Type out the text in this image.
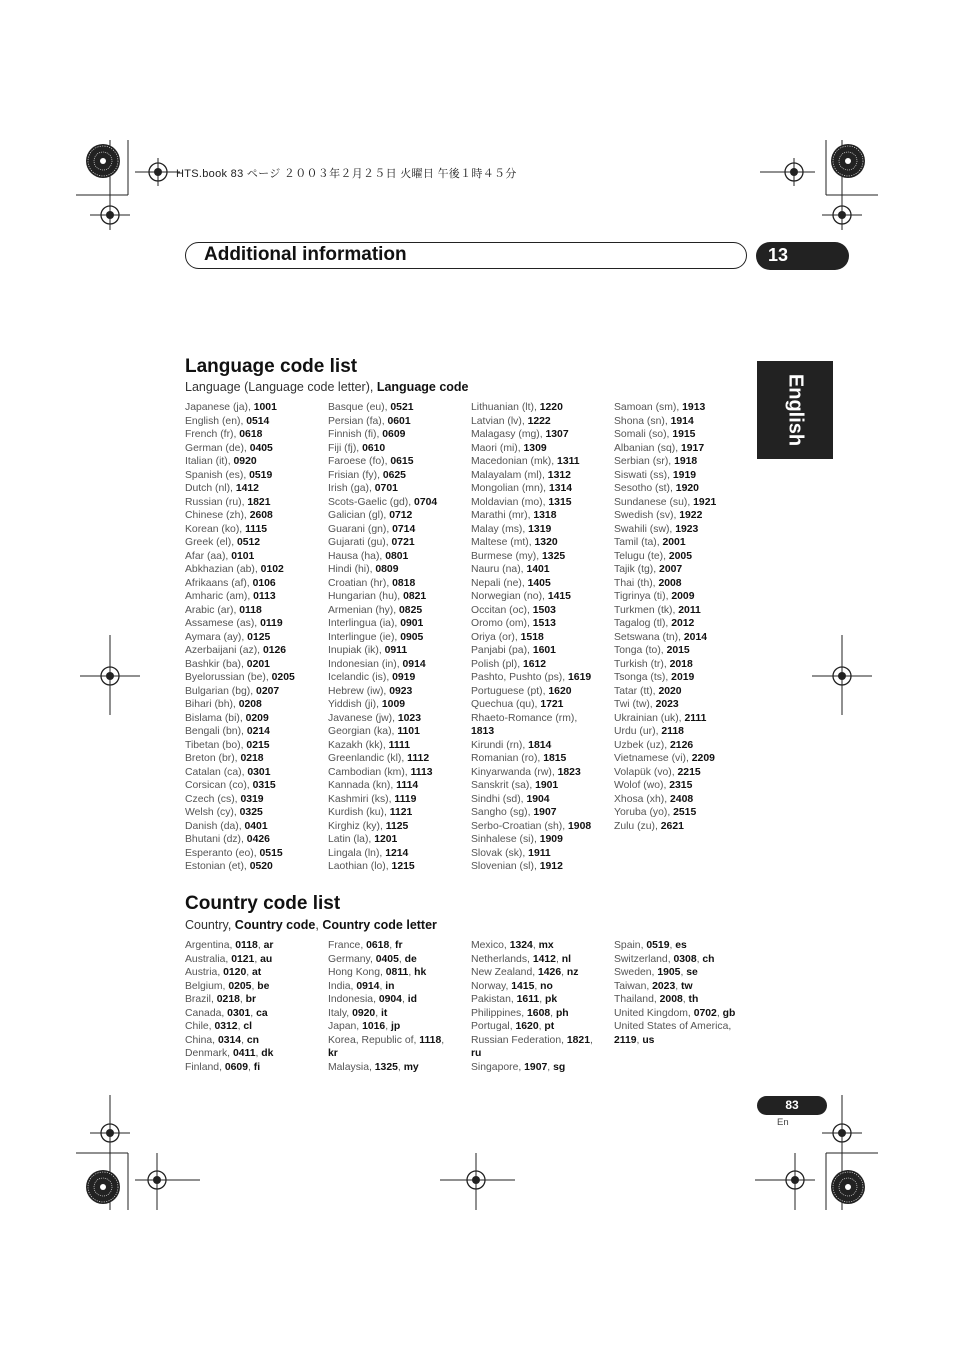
HTS.book 83 ページ ２００３年２月２５日 火曜日 午後１時４５分
Additional information	13
English
Language code list
Language (Language code letter), Language code
Japanese (ja), 1001
English (en), 0514
French (fr), 0618
German (de), 0405
Italian (it), 0920
Spanish (es), 0519
Dutch (nl), 1412
Russian (ru), 1821
Chinese (zh), 2608
Korean (ko), 1115
Greek (el), 0512
Afar (aa), 0101
Abkhazian (ab), 0102
Afrikaans (af), 0106
Amharic (am), 0113
Arabic (ar), 0118
Assamese (as), 0119
Aymara (ay), 0125
Azerbaijani (az), 0126
Bashkir (ba), 0201
Byelorussian (be), 0205
Bulgarian (bg), 0207
Bihari (bh), 0208
Bislama (bi), 0209
Bengali (bn), 0214
Tibetan (bo), 0215
Breton (br), 0218
Catalan (ca), 0301
Corsican (co), 0315
Czech (cs), 0319
Welsh (cy), 0325
Danish (da), 0401
Bhutani (dz), 0426
Esperanto (eo), 0515
Estonian (et), 0520
Basque (eu), 0521
Persian (fa), 0601
Finnish (fi), 0609
Fiji (fj), 0610
Faroese (fo), 0615
Frisian (fy), 0625
Irish (ga), 0701
Scots-Gaelic (gd), 0704
Galician (gl), 0712
Guarani (gn), 0714
Gujarati (gu), 0721
Hausa (ha), 0801
Hindi (hi), 0809
Croatian (hr), 0818
Hungarian (hu), 0821
Armenian (hy), 0825
Interlingua (ia), 0901
Interlingue (ie), 0905
Inupiak (ik), 0911
Indonesian (in), 0914
Icelandic (is), 0919
Hebrew (iw), 0923
Yiddish (ji), 1009
Javanese (jw), 1023
Georgian (ka), 1101
Kazakh (kk), 1111
Greenlandic (kl), 1112
Cambodian (km), 1113
Kannada (kn), 1114
Kashmiri (ks), 1119
Kurdish (ku), 1121
Kirghiz (ky), 1125
Latin (la), 1201
Lingala (ln), 1214
Laothian (lo), 1215
Lithuanian (lt), 1220
Latvian (lv), 1222
Malagasy (mg), 1307
Maori (mi), 1309
Macedonian (mk), 1311
Malayalam (ml), 1312
Mongolian (mn), 1314
Moldavian (mo), 1315
Marathi (mr), 1318
Malay (ms), 1319
Maltese (mt), 1320
Burmese (my), 1325
Nauru (na), 1401
Nepali (ne), 1405
Norwegian (no), 1415
Occitan (oc), 1503
Oromo (om), 1513
Oriya (or), 1518
Panjabi (pa), 1601
Polish (pl), 1612
Pashto, Pushto (ps), 1619
Portuguese (pt), 1620
Quechua (qu), 1721
Rhaeto-Romance (rm),
1813
Kirundi (rn), 1814
Romanian (ro), 1815
Kinyarwanda (rw), 1823
Sanskrit (sa), 1901
Sindhi (sd), 1904
Sangho (sg), 1907
Serbo-Croatian (sh), 1908
Sinhalese (si), 1909
Slovak (sk), 1911
Slovenian (sl), 1912
Samoan (sm), 1913
Shona (sn), 1914
Somali (so), 1915
Albanian (sq), 1917
Serbian (sr), 1918
Siswati (ss), 1919
Sesotho (st), 1920
Sundanese (su), 1921
Swedish (sv), 1922
Swahili (sw), 1923
Tamil (ta), 2001
Telugu (te), 2005
Tajik (tg), 2007
Thai (th), 2008
Tigrinya (ti), 2009
Turkmen (tk), 2011
Tagalog (tl), 2012
Setswana (tn), 2014
Tonga (to), 2015
Turkish (tr), 2018
Tsonga (ts), 2019
Tatar (tt), 2020
Twi (tw), 2023
Ukrainian (uk), 2111
Urdu (ur), 2118
Uzbek (uz), 2126
Vietnamese (vi), 2209
Volapük (vo), 2215
Wolof (wo), 2315
Xhosa (xh), 2408
Yoruba (yo), 2515
Zulu (zu), 2621
Country code list
Country, Country code, Country code letter
Argentina, 0118, ar
Australia, 0121, au
Austria, 0120, at
Belgium, 0205, be
Brazil, 0218, br
Canada, 0301, ca
Chile, 0312, cl
China, 0314, cn
Denmark, 0411, dk
Finland, 0609, fi
France, 0618, fr
Germany, 0405, de
Hong Kong, 0811, hk
India, 0914, in
Indonesia, 0904, id
Italy, 0920, it
Japan, 1016, jp
Korea, Republic of, 1118,
kr
Malaysia, 1325, my
Mexico, 1324, mx
Netherlands, 1412, nl
New Zealand, 1426, nz
Norway, 1415, no
Pakistan, 1611, pk
Philippines, 1608, ph
Portugal, 1620, pt
Russian Federation, 1821,
ru
Singapore, 1907, sg
Spain, 0519, es
Switzerland, 0308, ch
Sweden, 1905, se
Taiwan, 2023, tw
Thailand, 2008, th
United Kingdom, 0702, gb
United States of America,
2119, us
83
En
